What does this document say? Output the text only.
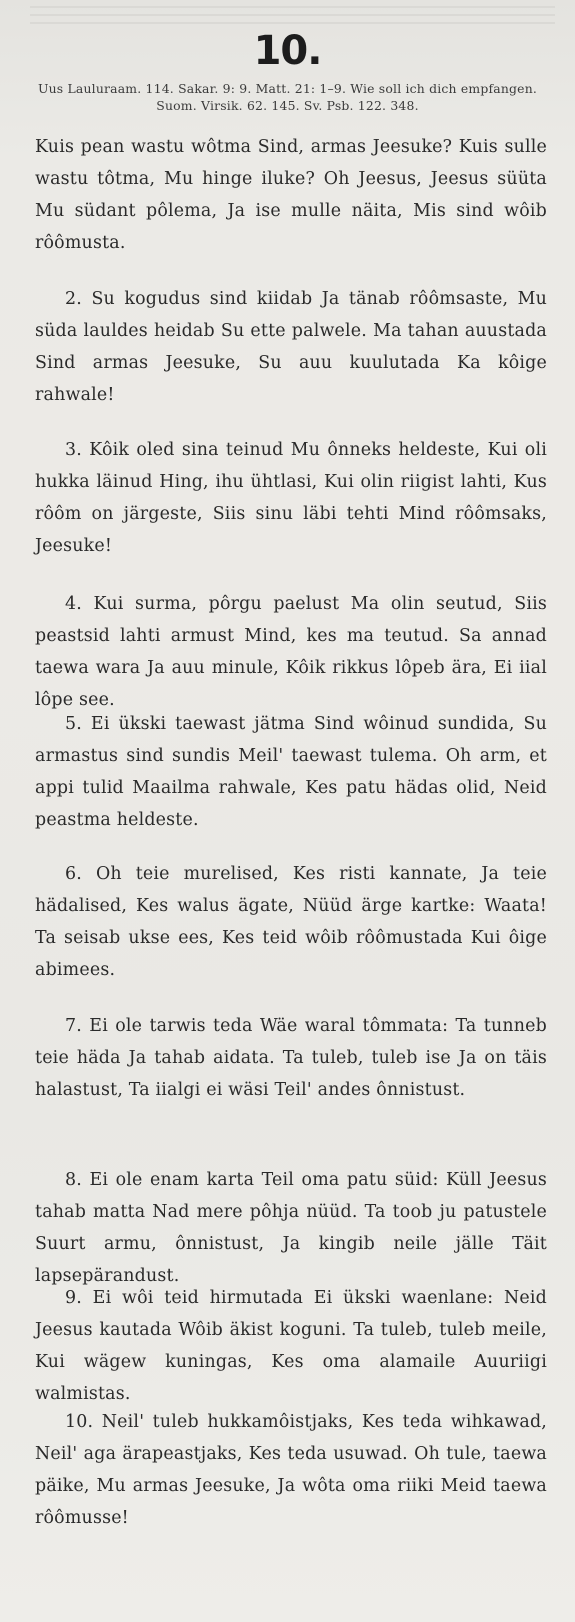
10.
Uus Lauluraam. 114. Sakar. 9: 9. Matt. 21: 1–9. Wie soll ich dich empfangen. Suom. Virsik. 62. 145. Sv. Psb. 122. 348.
Kuis pean wastu wôtma Sind, armas Jeesuke? Kuis sulle wastu tôtma, Mu hinge iluke? Oh Jeesus, Jeesus süüta Mu südant pôlema, Ja ise mulle näita, Mis sind wôib rôômusta.
2. Su kogudus sind kiidab Ja tänab rôômsaste, Mu süda lauldes heidab Su ette palwele. Ma tahan auustada Sind armas Jeesuke, Su auu kuulutada Ka kôige rahwale!
3. Kôik oled sina teinud Mu ônneks heldeste, Kui oli hukka läinud Hing, ihu ühtlasi, Kui olin riigist lahti, Kus rôôm on järgeste, Siis sinu läbi tehti Mind rôômsaks, Jeesuke!
4. Kui surma, pôrgu paelust Ma olin seutud, Siis peastsid lahti armust Mind, kes ma teutud. Sa annad taewa wara Ja auu minule, Kôik rikkus lôpeb ära, Ei iial lôpe see.
5. Ei ükski taewast jätma Sind wôinud sundida, Su armastus sind sundis Meil' taewast tulema. Oh arm, et appi tulid Maailma rahwale, Kes patu hädas olid, Neid peastma heldeste.
6. Oh teie murelised, Kes risti kannate, Ja teie hädalised, Kes walus ägate, Nüüd ärge kartke: Waata! Ta seisab ukse ees, Kes teid wôib rôômustada Kui ôige abimees.
7. Ei ole tarwis teda Wäe waral tômmata: Ta tunneb teie häda Ja tahab aidata. Ta tuleb, tuleb ise Ja on täis halastust, Ta iialgi ei wäsi Teil' andes ônnistust.
8. Ei ole enam karta Teil oma patu süid: Küll Jeesus tahab matta Nad mere pôhja nüüd. Ta toob ju patustele Suurt armu, ônnistust, Ja kingib neile jälle Täit lapsepärandust.
9. Ei wôi teid hirmutada Ei ükski waenlane: Neid Jeesus kautada Wôib äkist koguni. Ta tuleb, tuleb meile, Kui wägew kuningas, Kes oma alamaile Auuriigi walmistas.
10. Neil' tuleb hukkamôistjaks, Kes teda wihkawad, Neil' aga ärapeastjaks, Kes teda usuwad. Oh tule, taewa päike, Mu armas Jeesuke, Ja wôta oma riiki Meid taewa rôômusse!
